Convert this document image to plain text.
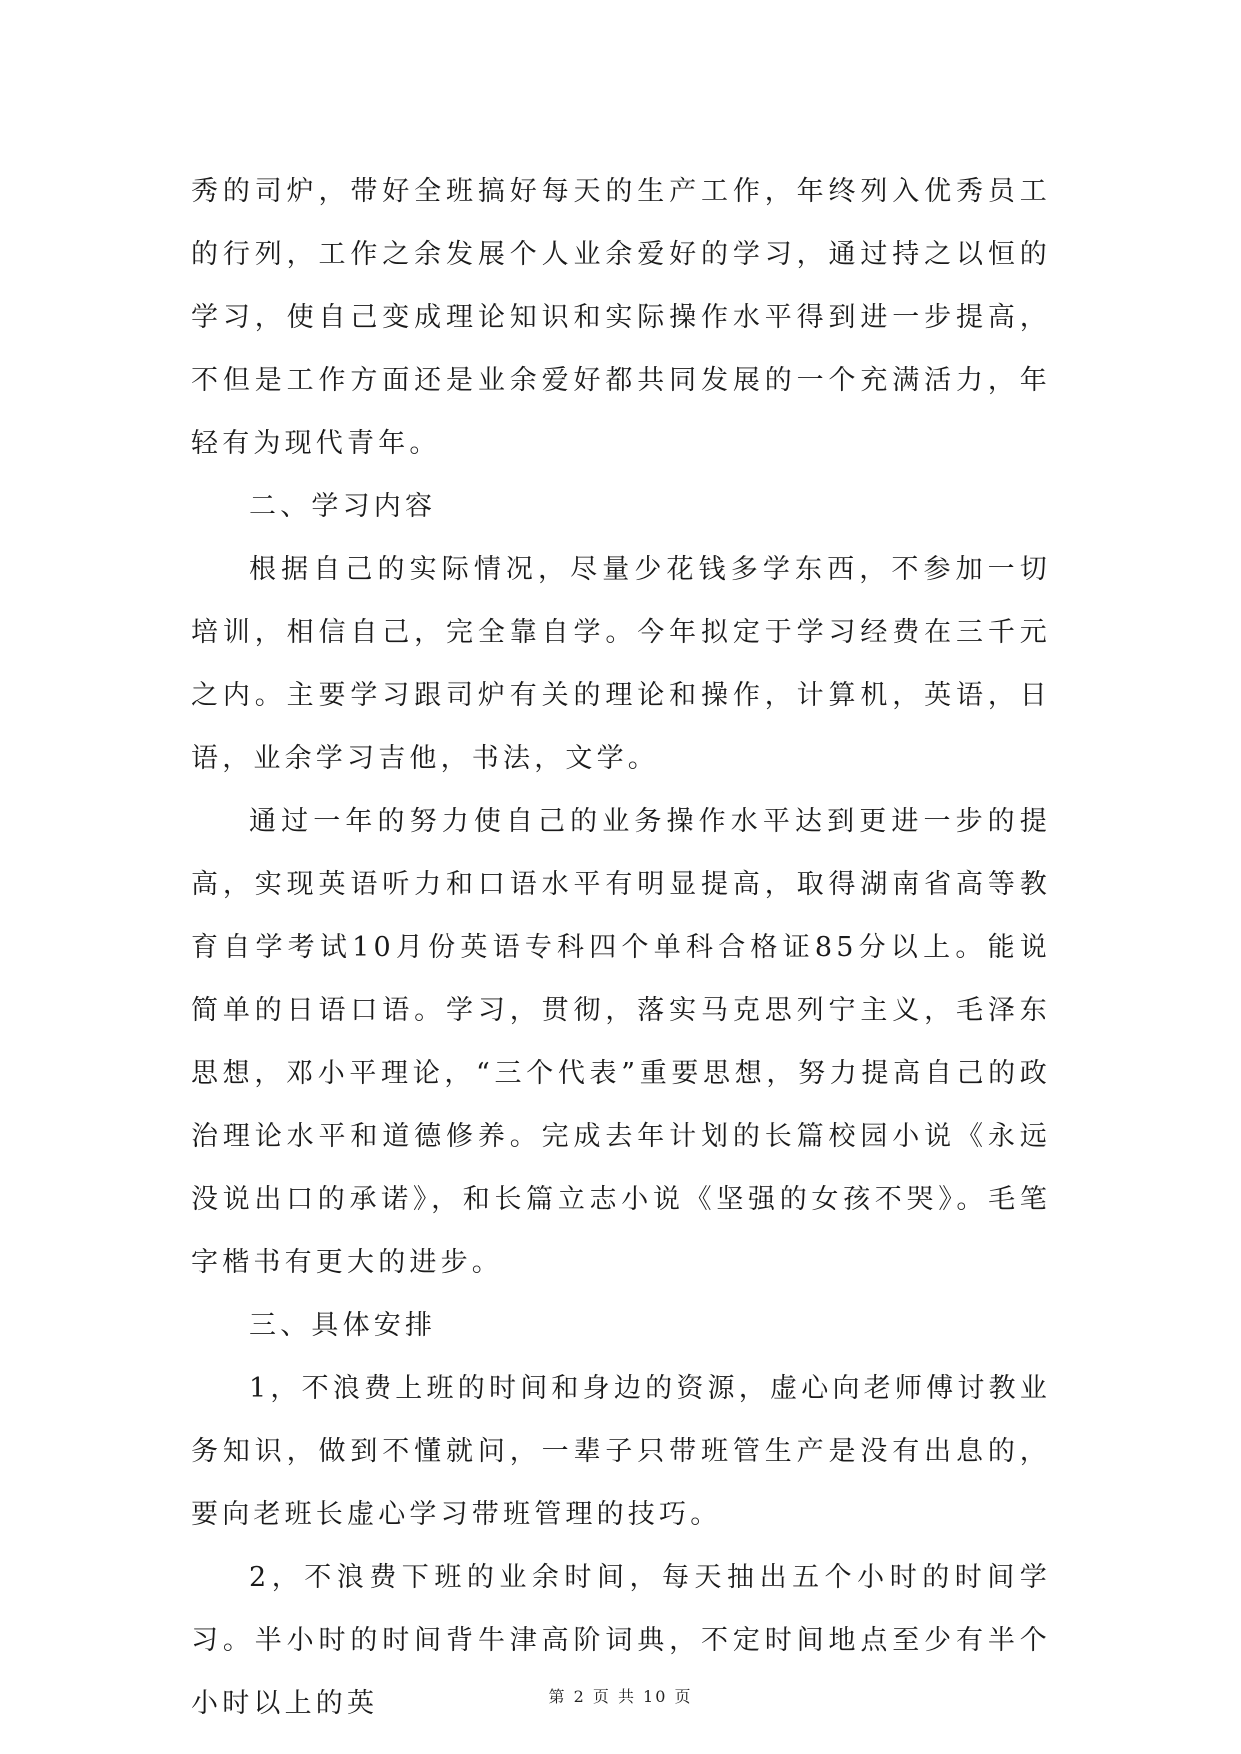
秀的司炉，带好全班搞好每天的生产工作，年终列入优秀员工的行列，工作之余发展个人业余爱好的学习，通过持之以恒的学习，使自己变成理论知识和实际操作水平得到进一步提高，不但是工作方面还是业余爱好都共同发展的一个充满活力，年轻有为现代青年。

二、学习内容

根据自己的实际情况，尽量少花钱多学东西，不参加一切培训，相信自己，完全靠自学。今年拟定于学习经费在三千元之内。主要学习跟司炉有关的理论和操作，计算机，英语，日语，业余学习吉他，书法，文学。

通过一年的努力使自己的业务操作水平达到更进一步的提高，实现英语听力和口语水平有明显提高，取得湖南省高等教育自学考试10月份英语专科四个单科合格证85分以上。能说简单的日语口语。学习，贯彻，落实马克思列宁主义，毛泽东思想，邓小平理论，“三个代表”重要思想，努力提高自己的政治理论水平和道德修养。完成去年计划的长篇校园小说《永远没说出口的承诺》，和长篇立志小说《坚强的女孩不哭》。毛笔字楷书有更大的进步。

三、具体安排

1，不浪费上班的时间和身边的资源，虚心向老师傅讨教业务知识，做到不懂就问，一辈子只带班管生产是没有出息的，要向老班长虚心学习带班管理的技巧。

2，不浪费下班的业余时间，每天抽出五个小时的时间学习。半小时的时间背牛津高阶词典，不定时间地点至少有半个小时以上的英	第 2 页 共 10 页
